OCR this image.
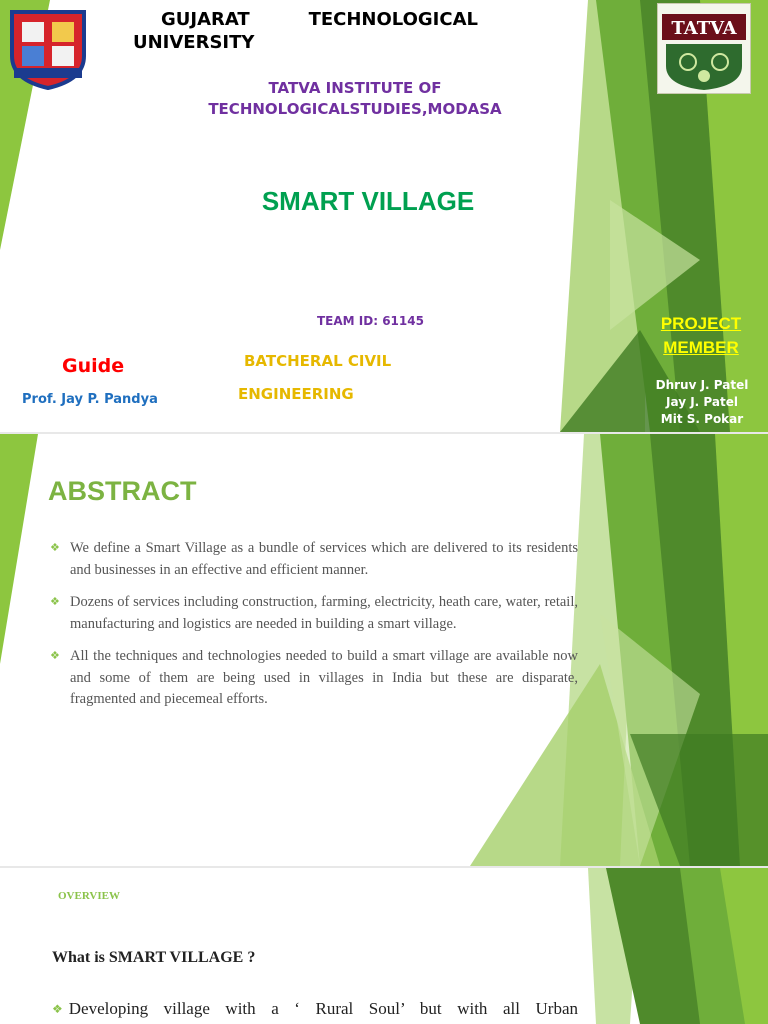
GUJARAT	TECHNOLOGICAL
UNIVERSITY
TATVA
TATVA INSTITUTE OF
TECHNOLOGICALSTUDIES,MODASA
SMART VILLAGE
TEAM ID: 61145
Guide
Prof. Jay P. Pandya
BATCHERAL CIVIL
ENGINEERING
PROJECT
MEMBER
Dhruv J. Patel
Jay J. Patel
Mit S. Pokar
ABSTRACT
❖ We define a Smart Village as a bundle of services which are delivered to its residents and businesses in an effective and efficient manner.
❖ Dozens of services including construction, farming, electricity, heath care, water, retail, manufacturing and logistics are needed in building a smart village.
❖ All the techniques and technologies needed to build a smart village are available now and some of them are being used in villages in India but these are disparate, fragmented and piecemeal efforts.
OVERVIEW
What is SMART VILLAGE ?
❖ Developing village with a ‘ Rural Soul’ but with all Urban
